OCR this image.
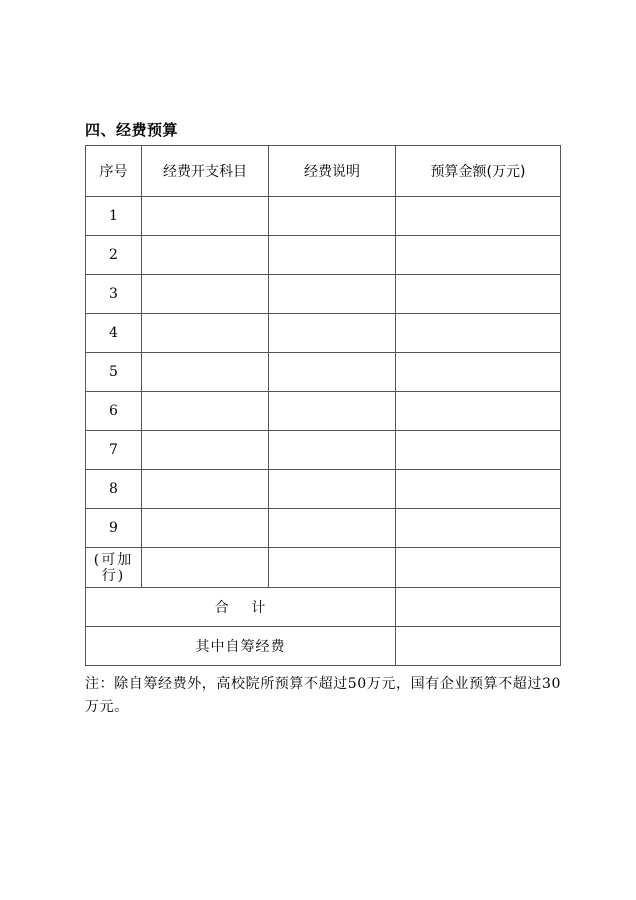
四、经费预算
序号	经费开支科目	经费说明	预算金额(万元)
1			
2			
3			
4			
5			
6			
7			
8			
9			
(可加行)			
合    计			
其中自筹经费			

注：除自筹经费外，高校院所预算不超过50万元，国有企业预算不超过30万元。
